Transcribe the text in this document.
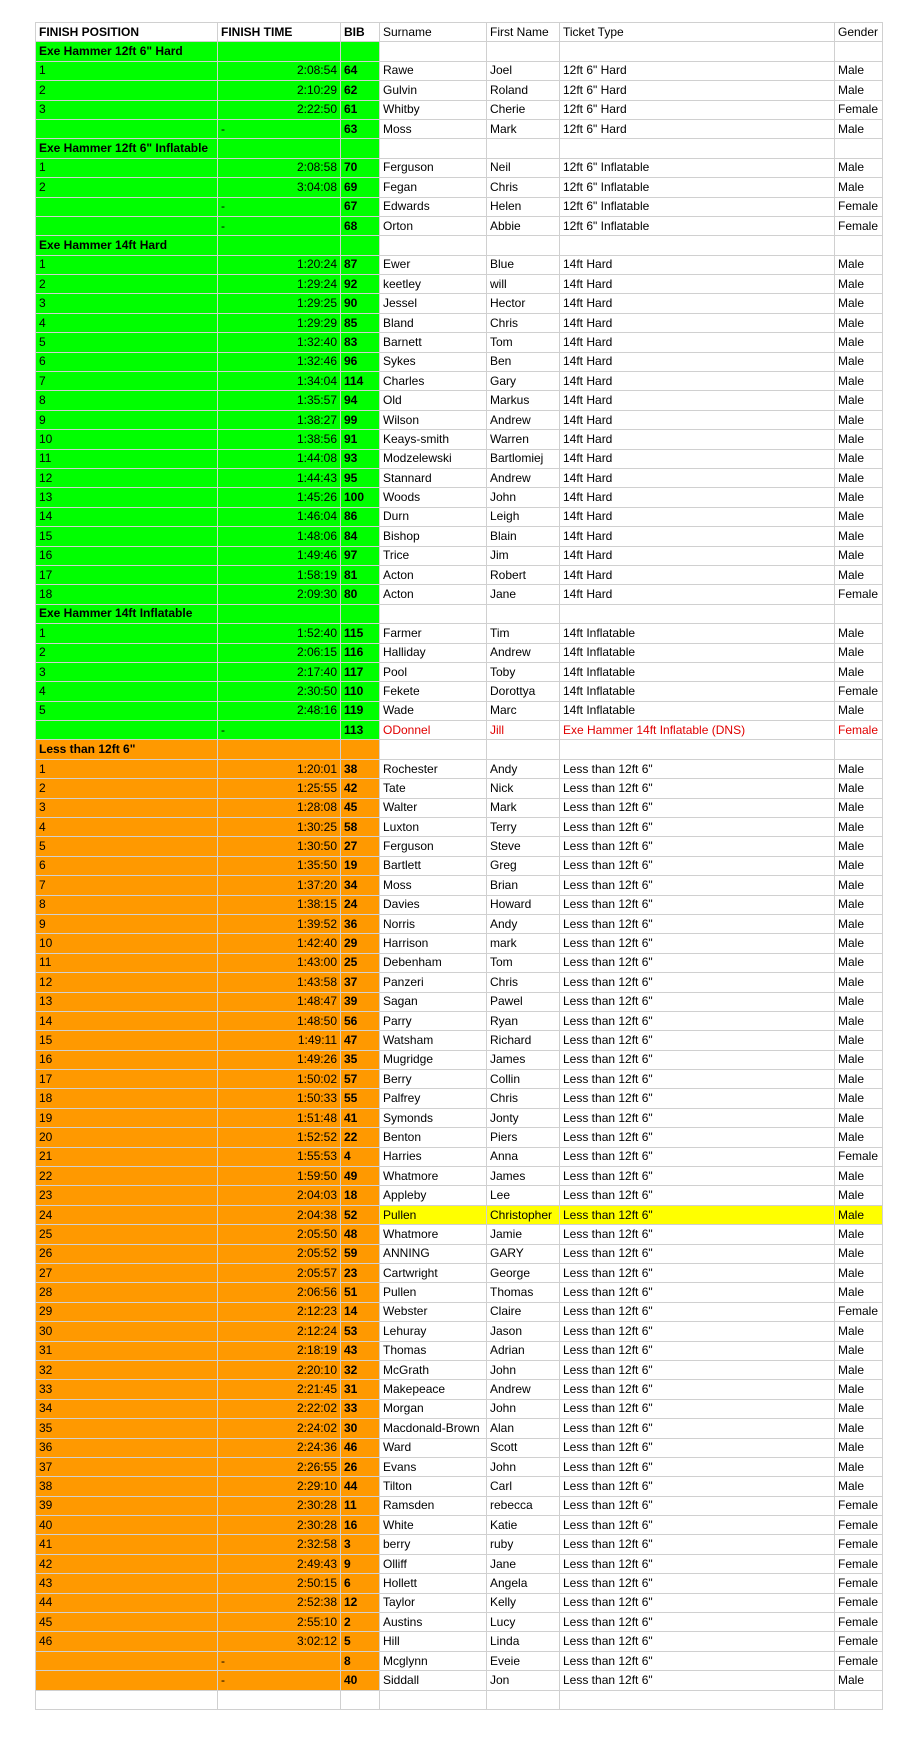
FINISH POSITION	FINISH TIME	BIB	Surname	First Name	Ticket Type	Gender
Exe Hammer 12ft 6" Hard						
1	2:08:54	64	Rawe	Joel	12ft 6" Hard	Male
2	2:10:29	62	Gulvin	Roland	12ft 6" Hard	Male
3	2:22:50	61	Whitby	Cherie	12ft 6" Hard	Female
	-	63	Moss	Mark	12ft 6" Hard	Male
Exe Hammer 12ft 6" Inflatable						
1	2:08:58	70	Ferguson	Neil	12ft 6" Inflatable	Male
2	3:04:08	69	Fegan	Chris	12ft 6" Inflatable	Male
	-	67	Edwards	Helen	12ft 6" Inflatable	Female
	-	68	Orton	Abbie	12ft 6" Inflatable	Female
Exe Hammer 14ft Hard						
1	1:20:24	87	Ewer	Blue	14ft Hard	Male
2	1:29:24	92	keetley	will	14ft Hard	Male
3	1:29:25	90	Jessel	Hector	14ft Hard	Male
4	1:29:29	85	Bland	Chris	14ft Hard	Male
5	1:32:40	83	Barnett	Tom	14ft Hard	Male
6	1:32:46	96	Sykes	Ben	14ft Hard	Male
7	1:34:04	114	Charles	Gary	14ft Hard	Male
8	1:35:57	94	Old	Markus	14ft Hard	Male
9	1:38:27	99	Wilson	Andrew	14ft Hard	Male
10	1:38:56	91	Keays-smith	Warren	14ft Hard	Male
11	1:44:08	93	Modzelewski	Bartlomiej	14ft Hard	Male
12	1:44:43	95	Stannard	Andrew	14ft Hard	Male
13	1:45:26	100	Woods	John	14ft Hard	Male
14	1:46:04	86	Durn	Leigh	14ft Hard	Male
15	1:48:06	84	Bishop	Blain	14ft Hard	Male
16	1:49:46	97	Trice	Jim	14ft Hard	Male
17	1:58:19	81	Acton	Robert	14ft Hard	Male
18	2:09:30	80	Acton	Jane	14ft Hard	Female
Exe Hammer 14ft Inflatable						
1	1:52:40	115	Farmer	Tim	14ft Inflatable	Male
2	2:06:15	116	Halliday	Andrew	14ft Inflatable	Male
3	2:17:40	117	Pool	Toby	14ft Inflatable	Male
4	2:30:50	110	Fekete	Dorottya	14ft Inflatable	Female
5	2:48:16	119	Wade	Marc	14ft Inflatable	Male
	-	113	ODonnel	Jill	Exe Hammer 14ft Inflatable (DNS)	Female
Less than 12ft 6"						
1	1:20:01	38	Rochester	Andy	Less than 12ft 6"	Male
2	1:25:55	42	Tate	Nick	Less than 12ft 6"	Male
3	1:28:08	45	Walter	Mark	Less than 12ft 6"	Male
4	1:30:25	58	Luxton	Terry	Less than 12ft 6"	Male
5	1:30:50	27	Ferguson	Steve	Less than 12ft 6"	Male
6	1:35:50	19	Bartlett	Greg	Less than 12ft 6"	Male
7	1:37:20	34	Moss	Brian	Less than 12ft 6"	Male
8	1:38:15	24	Davies	Howard	Less than 12ft 6"	Male
9	1:39:52	36	Norris	Andy	Less than 12ft 6"	Male
10	1:42:40	29	Harrison	mark	Less than 12ft 6"	Male
11	1:43:00	25	Debenham	Tom	Less than 12ft 6"	Male
12	1:43:58	37	Panzeri	Chris	Less than 12ft 6"	Male
13	1:48:47	39	Sagan	Pawel	Less than 12ft 6"	Male
14	1:48:50	56	Parry	Ryan	Less than 12ft 6"	Male
15	1:49:11	47	Watsham	Richard	Less than 12ft 6"	Male
16	1:49:26	35	Mugridge	James	Less than 12ft 6"	Male
17	1:50:02	57	Berry	Collin	Less than 12ft 6"	Male
18	1:50:33	55	Palfrey	Chris	Less than 12ft 6"	Male
19	1:51:48	41	Symonds	Jonty	Less than 12ft 6"	Male
20	1:52:52	22	Benton	Piers	Less than 12ft 6"	Male
21	1:55:53	4	Harries	Anna	Less than 12ft 6"	Female
22	1:59:50	49	Whatmore	James	Less than 12ft 6"	Male
23	2:04:03	18	Appleby	Lee	Less than 12ft 6"	Male
24	2:04:38	52	Pullen	Christopher	Less than 12ft 6"	Male
25	2:05:50	48	Whatmore	Jamie	Less than 12ft 6"	Male
26	2:05:52	59	ANNING	GARY	Less than 12ft 6"	Male
27	2:05:57	23	Cartwright	George	Less than 12ft 6"	Male
28	2:06:56	51	Pullen	Thomas	Less than 12ft 6"	Male
29	2:12:23	14	Webster	Claire	Less than 12ft 6"	Female
30	2:12:24	53	Lehuray	Jason	Less than 12ft 6"	Male
31	2:18:19	43	Thomas	Adrian	Less than 12ft 6"	Male
32	2:20:10	32	McGrath	John	Less than 12ft 6"	Male
33	2:21:45	31	Makepeace	Andrew	Less than 12ft 6"	Male
34	2:22:02	33	Morgan	John	Less than 12ft 6"	Male
35	2:24:02	30	Macdonald-Brown	Alan	Less than 12ft 6"	Male
36	2:24:36	46	Ward	Scott	Less than 12ft 6"	Male
37	2:26:55	26	Evans	John	Less than 12ft 6"	Male
38	2:29:10	44	Tilton	Carl	Less than 12ft 6"	Male
39	2:30:28	11	Ramsden	rebecca	Less than 12ft 6"	Female
40	2:30:28	16	White	Katie	Less than 12ft 6"	Female
41	2:32:58	3	berry	ruby	Less than 12ft 6"	Female
42	2:49:43	9	Olliff	Jane	Less than 12ft 6"	Female
43	2:50:15	6	Hollett	Angela	Less than 12ft 6"	Female
44	2:52:38	12	Taylor	Kelly	Less than 12ft 6"	Female
45	2:55:10	2	Austins	Lucy	Less than 12ft 6"	Female
46	3:02:12	5	Hill	Linda	Less than 12ft 6"	Female
	-	8	Mcglynn	Eveie	Less than 12ft 6"	Female
	-	40	Siddall	Jon	Less than 12ft 6"	Male
